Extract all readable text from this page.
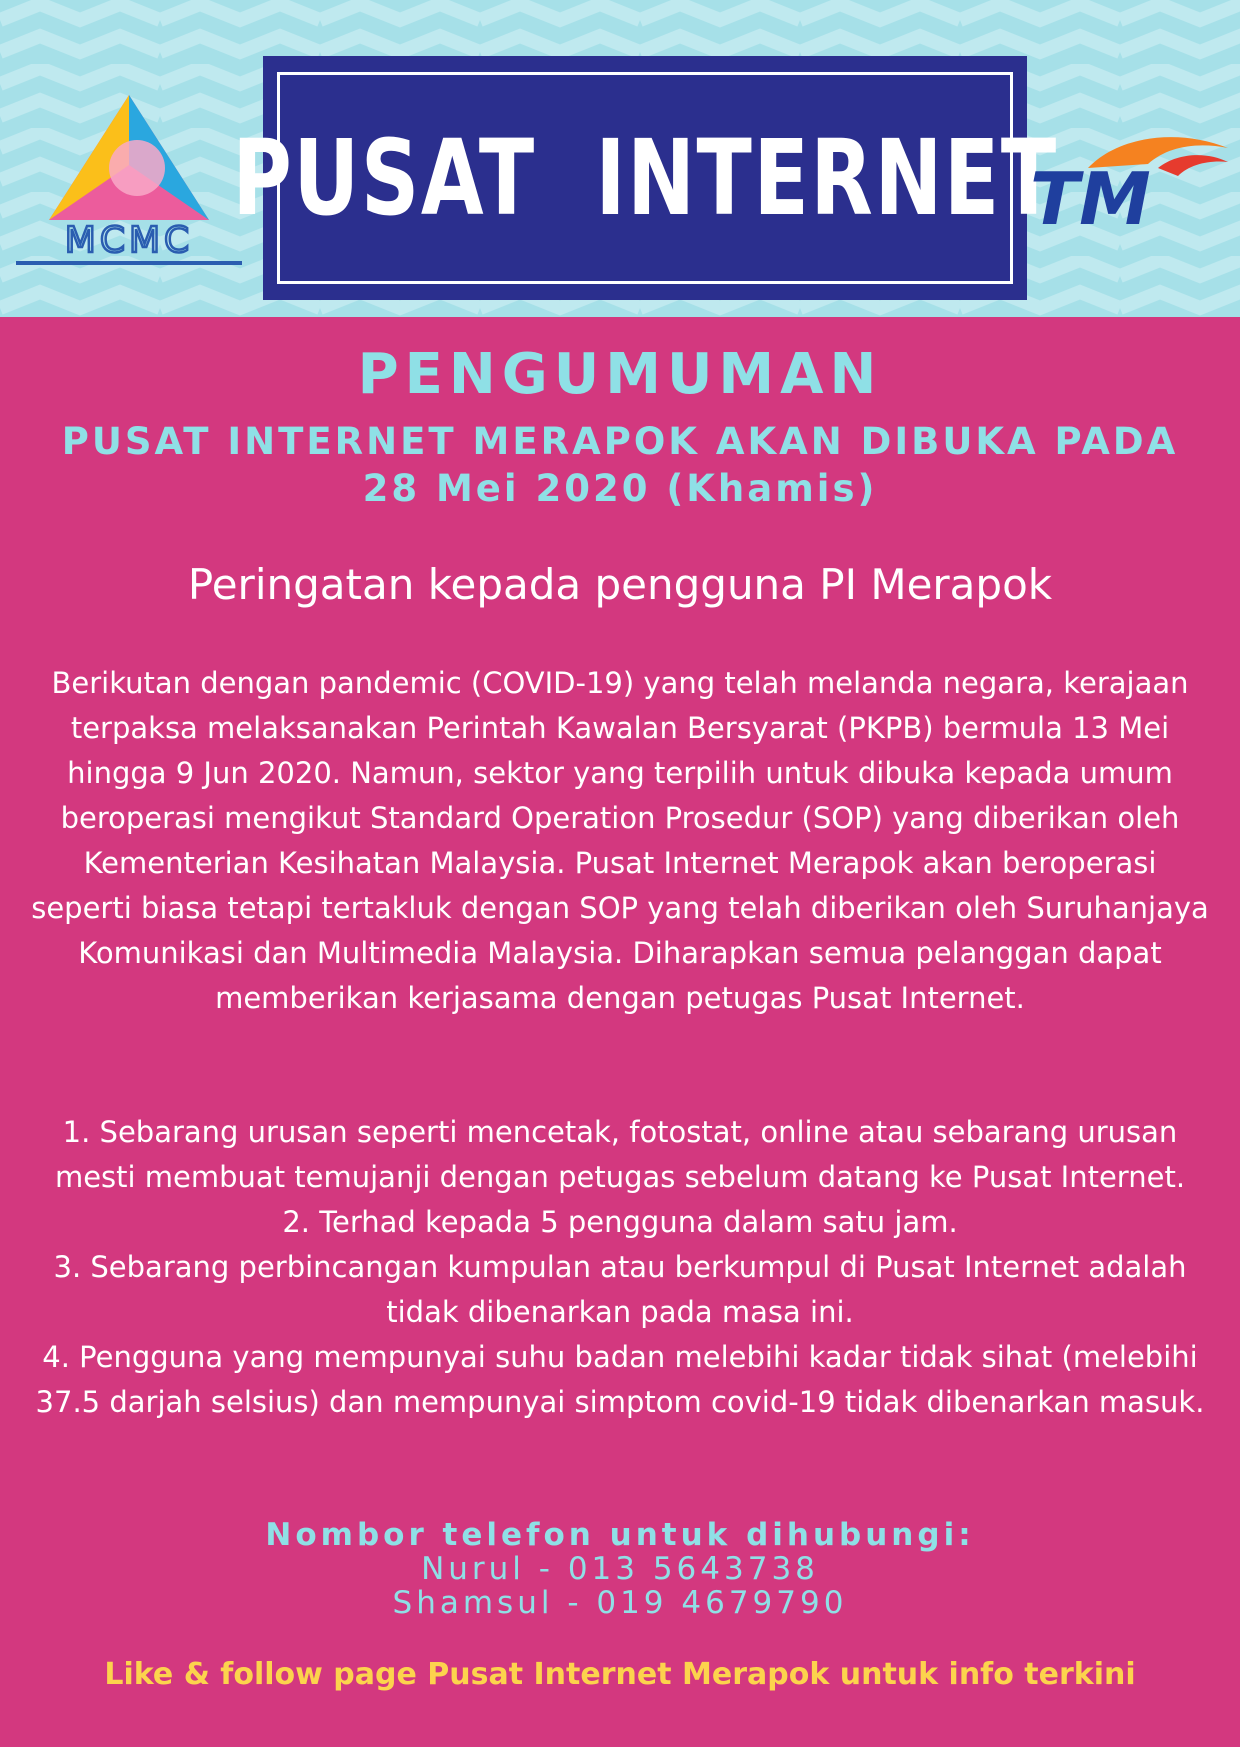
MCMC
PUSAT  INTERNET
TM
PENGUMUMAN
PUSAT INTERNET MERAPOK AKAN DIBUKA PADA
28 Mei 2020 (Khamis)
Peringatan kepada pengguna PI Merapok
Berikutan dengan pandemic (COVID-19) yang telah melanda negara, kerajaan terpaksa melaksanakan Perintah Kawalan Bersyarat (PKPB) bermula 13 Mei hingga 9 Jun 2020. Namun, sektor yang terpilih untuk dibuka kepada umum beroperasi mengikut Standard Operation Prosedur (SOP) yang diberikan oleh Kementerian Kesihatan Malaysia. Pusat Internet Merapok akan beroperasi seperti biasa tetapi tertakluk dengan SOP yang telah diberikan oleh Suruhanjaya Komunikasi dan Multimedia Malaysia. Diharapkan semua pelanggan dapat memberikan kerjasama dengan petugas Pusat Internet.
1. Sebarang urusan seperti mencetak, fotostat, online atau sebarang urusan mesti membuat temujanji dengan petugas sebelum datang ke Pusat Internet.
2. Terhad kepada 5 pengguna dalam satu jam.
3. Sebarang perbincangan kumpulan atau berkumpul di Pusat Internet adalah tidak dibenarkan pada masa ini.
4. Pengguna yang mempunyai suhu badan melebihi kadar tidak sihat (melebihi 37.5 darjah selsius) dan mempunyai simptom covid-19 tidak dibenarkan masuk.
Nombor telefon untuk dihubungi:
Nurul - 013 5643738
Shamsul - 019 4679790
Like & follow page Pusat Internet Merapok untuk info terkini
